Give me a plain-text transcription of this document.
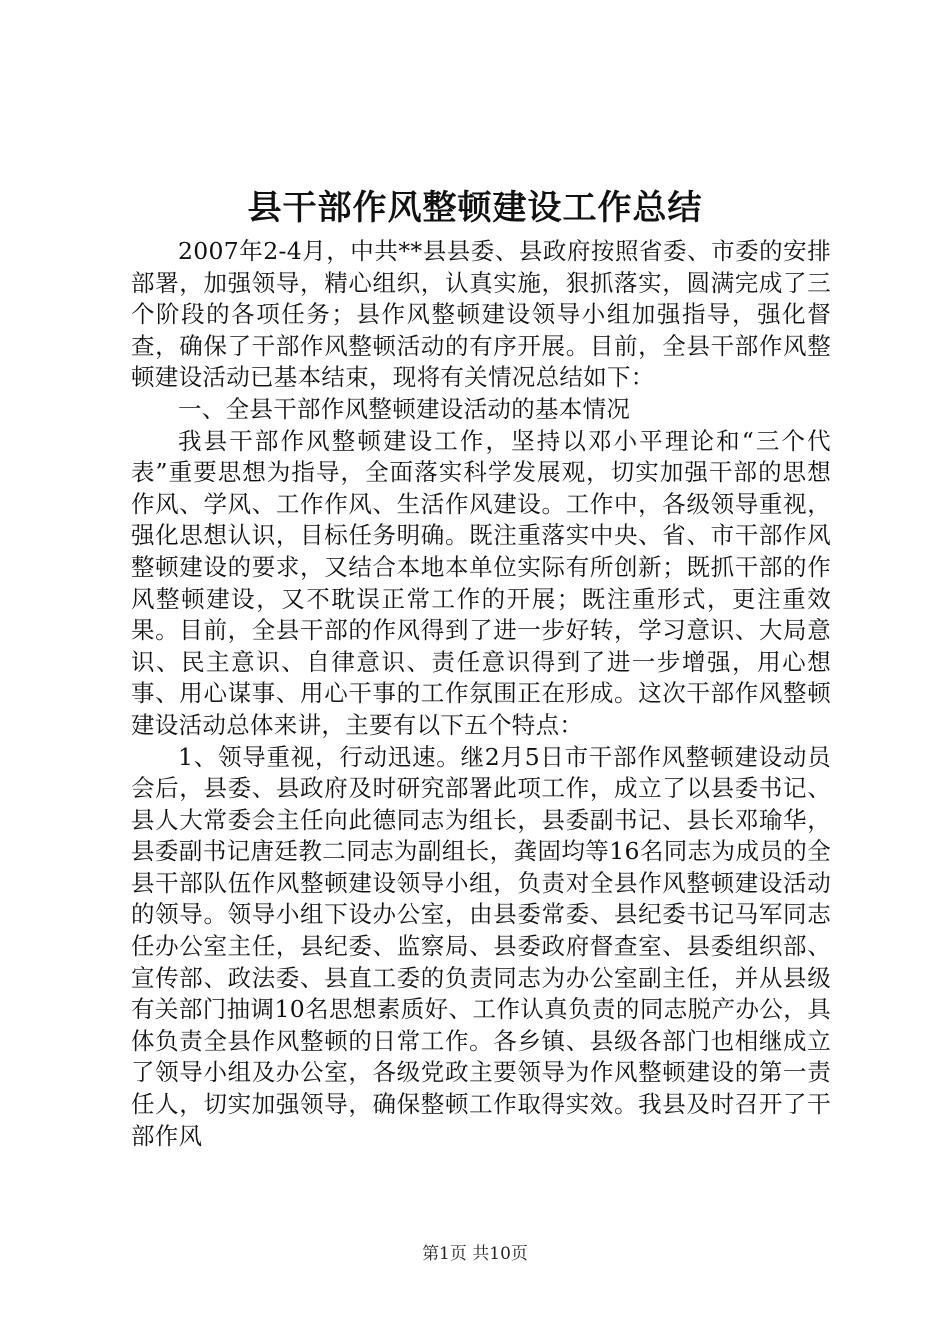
县干部作风整顿建设工作总结

2007年2-4月，中共**县县委、县政府按照省委、市委的安排部署，加强领导，精心组织，认真实施，狠抓落实，圆满完成了三个阶段的各项任务；县作风整顿建设领导小组加强指导，强化督查，确保了干部作风整顿活动的有序开展。目前，全县干部作风整顿建设活动已基本结束，现将有关情况总结如下：

一、全县干部作风整顿建设活动的基本情况

我县干部作风整顿建设工作，坚持以邓小平理论和“三个代表”重要思想为指导，全面落实科学发展观，切实加强干部的思想作风、学风、工作作风、生活作风建设。工作中，各级领导重视，强化思想认识，目标任务明确。既注重落实中央、省、市干部作风整顿建设的要求，又结合本地本单位实际有所创新；既抓干部的作风整顿建设，又不耽误正常工作的开展；既注重形式，更注重效果。目前，全县干部的作风得到了进一步好转，学习意识、大局意识、民主意识、自律意识、责任意识得到了进一步增强，用心想事、用心谋事、用心干事的工作氛围正在形成。这次干部作风整顿建设活动总体来讲，主要有以下五个特点：

1、领导重视，行动迅速。继2月5日市干部作风整顿建设动员会后，县委、县政府及时研究部署此项工作，成立了以县委书记、县人大常委会主任向此德同志为组长，县委副书记、县长邓瑜华，县委副书记唐廷教二同志为副组长，龚固均等16名同志为成员的全县干部队伍作风整顿建设领导小组，负责对全县作风整顿建设活动的领导。领导小组下设办公室，由县委常委、县纪委书记马军同志任办公室主任，县纪委、监察局、县委政府督查室、县委组织部、宣传部、政法委、县直工委的负责同志为办公室副主任，并从县级有关部门抽调10名思想素质好、工作认真负责的同志脱产办公，具体负责全县作风整顿的日常工作。各乡镇、县级各部门也相继成立了领导小组及办公室，各级党政主要领导为作风整顿建设的第一责任人，切实加强领导，确保整顿工作取得实效。我县及时召开了干部作风

第1页 共10页
